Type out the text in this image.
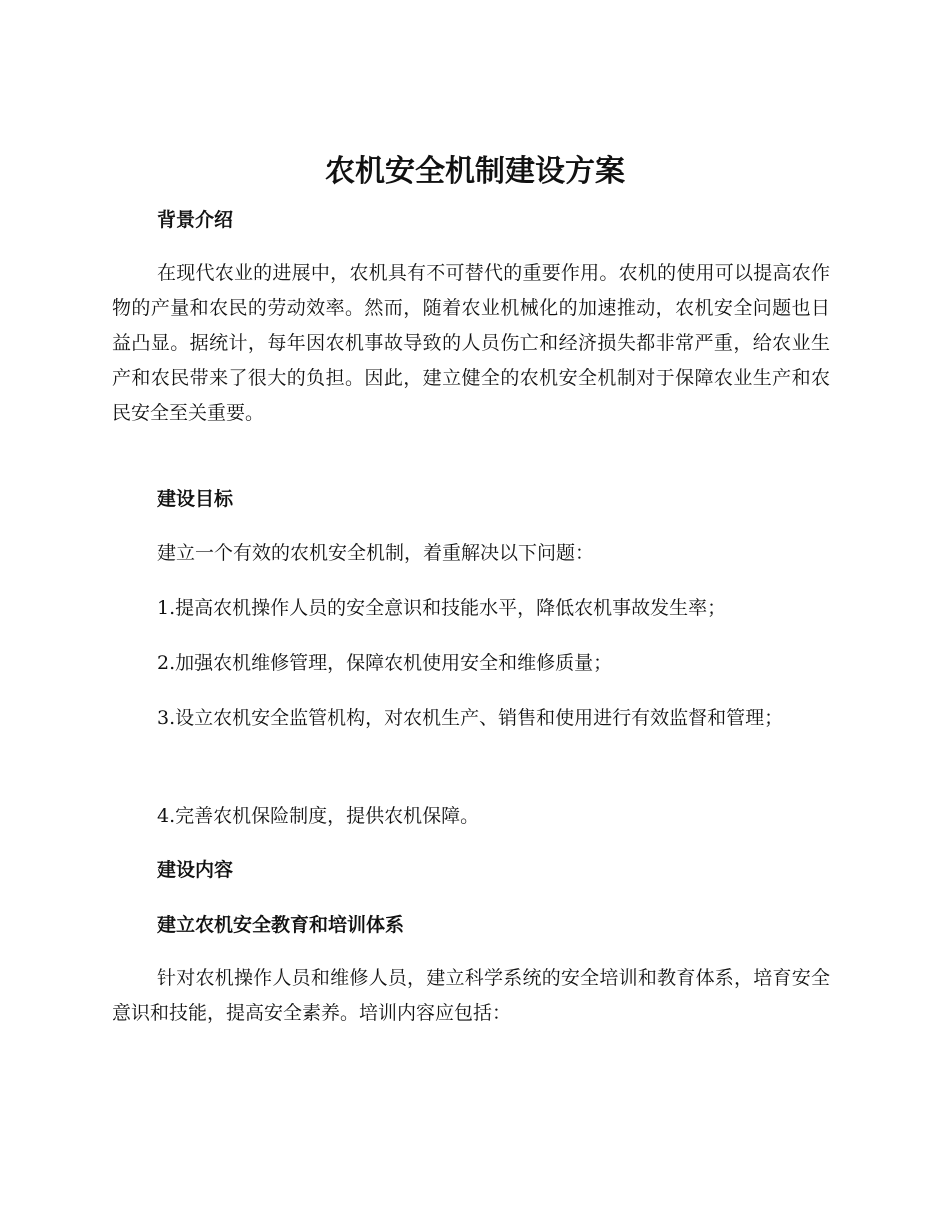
农机安全机制建设方案
背景介绍

在现代农业的进展中，农机具有不可替代的重要作用。农机的使用可以提高农作物的产量和农民的劳动效率。然而，随着农业机械化的加速推动，农机安全问题也日益凸显。据统计，每年因农机事故导致的人员伤亡和经济损失都非常严重，给农业生产和农民带来了很大的负担。因此，建立健全的农机安全机制对于保障农业生产和农民安全至关重要。

建设目标

建立一个有效的农机安全机制，着重解决以下问题：

1.提高农机操作人员的安全意识和技能水平，降低农机事故发生率；

2.加强农机维修管理，保障农机使用安全和维修质量；

3.设立农机安全监管机构，对农机生产、销售和使用进行有效监督和管理；

4.完善农机保险制度，提供农机保障。

建设内容
建立农机安全教育和培训体系

针对农机操作人员和维修人员，建立科学系统的安全培训和教育体系，培育安全意识和技能，提高安全素养。培训内容应包括：
